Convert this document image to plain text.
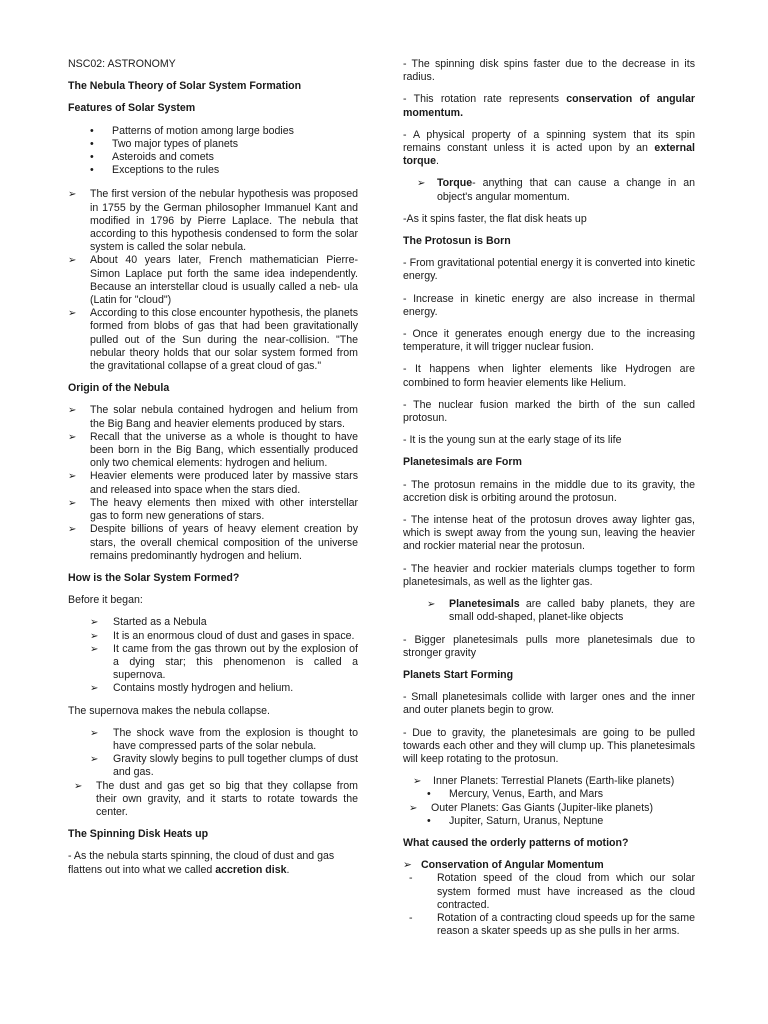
NSC02: ASTRONOMY

The Nebula Theory of Solar System Formation

Features of Solar System

• Patterns of motion among large bodies
• Two major types of planets
• Asteroids and comets
• Exceptions to the rules
➢ The first version of the nebular hypothesis was proposed in 1755 by the German philosopher Immanuel Kant and modified in 1796 by Pierre Laplace. The nebula that according to this hypothesis condensed to form the solar system is called the solar nebula.
➢ About 40 years later, French mathematician Pierre-Simon Laplace put forth the same idea independently. Because an interstellar cloud is usually called a neb- ula (Latin for "cloud")
➢ According to this close encounter hypothesis, the planets formed from blobs of gas that had been gravitationally pulled out of the Sun during the near-collision. "The nebular theory holds that our solar system formed from the gravitational collapse of a great cloud of gas."

Origin of the Nebula

➢ The solar nebula contained hydrogen and helium from the Big Bang and heavier elements produced by stars.
➢ Recall that the universe as a whole is thought to have been born in the Big Bang, which essentially produced only two chemical elements: hydrogen and helium.
➢ Heavier elements were produced later by massive stars and released into space when the stars died.
➢ The heavy elements then mixed with other interstellar gas to form new generations of stars.
➢ Despite billions of years of heavy element creation by stars, the overall chemical composition of the universe remains predominantly hydrogen and helium.

How is the Solar System Formed?

Before it began:

➢ Started as a Nebula
➢ It is an enormous cloud of dust and gases in space.
➢ It came from the gas thrown out by the explosion of a dying star; this phenomenon is called a supernova.
➢ Contains mostly hydrogen and helium.

The supernova makes the nebula collapse.

➢ The shock wave from the explosion is thought to have compressed parts of the solar nebula.
➢ Gravity slowly begins to pull together clumps of dust and gas.
➢ The dust and gas get so big that they collapse from their own gravity, and it starts to rotate towards the center.

The Spinning Disk Heats up

- As the nebula starts spinning, the cloud of dust and gas flattens out into what we called accretion disk.

- The spinning disk spins faster due to the decrease in its radius.

- This rotation rate represents conservation of angular momentum.

- A physical property of a spinning system that its spin remains constant unless it is acted upon by an external torque.

➢ Torque- anything that can cause a change in an object's angular momentum.

-As it spins faster, the flat disk heats up

The Protosun is Born

- From gravitational potential energy it is converted into kinetic energy.

- Increase in kinetic energy are also increase in thermal energy.

- Once it generates enough energy due to the increasing temperature, it will trigger nuclear fusion.

- It happens when lighter elements like Hydrogen are combined to form heavier elements like Helium.

- The nuclear fusion marked the birth of the sun called protosun.

- It is the young sun at the early stage of its life

Planetesimals are Form

- The protosun remains in the middle due to its gravity, the accretion disk is orbiting around the protosun.

- The intense heat of the protosun droves away lighter gas, which is swept away from the young sun, leaving the heavier and rockier material near the protosun.

- The heavier and rockier materials clumps together to form planetesimals, as well as the lighter gas.

➢ Planetesimals are called baby planets, they are small odd-shaped, planet-like objects

- Bigger planetesimals pulls more planetesimals due to stronger gravity

Planets Start Forming

- Small planetesimals collide with larger ones and the inner and outer planets begin to grow.

- Due to gravity, the planetesimals are going to be pulled towards each other and they will clump up. This planetesimals will keep rotating to the protosun.

➢ Inner Planets: Terrestial Planets (Earth-like planets)
• Mercury, Venus, Earth, and Mars
➢ Outer Planets: Gas Giants (Jupiter-like planets)
• Jupiter, Saturn, Uranus, Neptune

What caused the orderly patterns of motion?

➢ Conservation of Angular Momentum
- Rotation speed of the cloud from which our solar system formed must have increased as the cloud contracted.
- Rotation of a contracting cloud speeds up for the same reason a skater speeds up as she pulls in her arms.
